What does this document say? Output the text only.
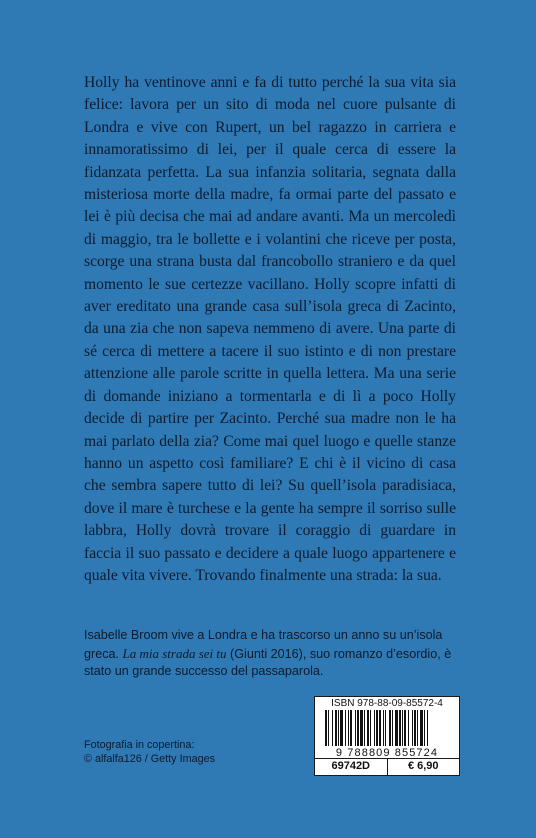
Holly ha ventinove anni e fa di tutto perché la sua vita sia felice: lavora per un sito di moda nel cuore pulsante di Londra e vive con Rupert, un bel ragazzo in carriera e innamoratissimo di lei, per il quale cerca di essere la fidanzata perfetta. La sua infanzia solitaria, segnata dalla misteriosa morte della madre, fa ormai parte del passato e lei è più decisa che mai ad andare avanti. Ma un mercoledì di maggio, tra le bollette e i volantini che riceve per posta, scorge una strana busta dal francobollo straniero e da quel momento le sue certezze vacillano. Holly scopre infatti di aver ereditato una grande casa sull’isola greca di Zacinto, da una zia che non sapeva nemmeno di avere. Una parte di sé cerca di mettere a tacere il suo istinto e di non prestare attenzione alle parole scritte in quella lettera. Ma una serie di domande iniziano a tormentarla e di lì a poco Holly decide di partire per Zacinto. Perché sua madre non le ha mai parlato della zia? Come mai quel luogo e quelle stanze hanno un aspetto così familiare? E chi è il vicino di casa che sembra sapere tutto di lei? Su quell’isola paradisiaca, dove il mare è turchese e la gente ha sempre il sorriso sulle labbra, Holly dovrà trovare il coraggio di guardare in faccia il suo passato e decidere a quale luogo appartenere e quale vita vivere. Trovando finalmente una strada: la sua.

Isabelle Broom vive a Londra e ha trascorso un anno su un’isola greca. La mia strada sei tu (Giunti 2016), suo romanzo d’esordio, è stato un grande successo del passaparola.

Fotografia in copertina:
© alfalfa126 / Getty Images
ISBN 978-88-09-85572-4
9 788809 855724
69742D	€ 6,90
